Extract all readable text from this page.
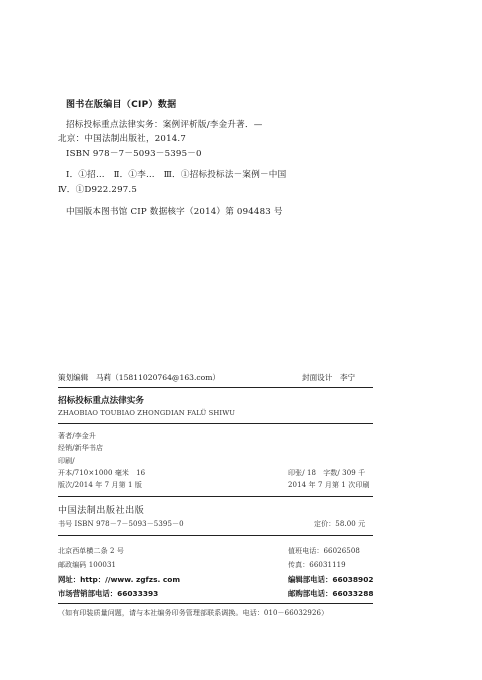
图书在版编目（CIP）数据
招标投标重点法律实务：案例评析版/李金升著．—
北京：中国法制出版社，2014.7
ISBN 978－7－5093－5395－0
Ⅰ．①招…　Ⅱ．①李…　Ⅲ．①招标投标法－案例－中国
Ⅳ．①D922.297.5
中国版本图书馆 CIP 数据核字（2014）第 094483 号
策划编辑　马莉（15811020764@163.com）	封面设计　李宁
招标投标重点法律实务
ZHAOBIAO TOUBIAO ZHONGDIAN FALÜ SHIWU
著者/李金升
经销/新华书店
印刷/
开本/710×1000 毫米　16	印张/ 18　字数/ 309 千
版次/2014 年 7 月第 1 版	2014 年 7 月第 1 次印刷
中国法制出版社出版
书号 ISBN 978－7－5093－5395－0	定价：58.00 元
北京西单横二条 2 号	值班电话：66026508
邮政编码 100031	传真：66031119
网址：http：//www. zgfzs. com	编辑部电话：66038902
市场营销部电话：66033393	邮购部电话：66033288
（如有印装质量问题，请与本社编务印务管理部联系调换。电话：010－66032926）
